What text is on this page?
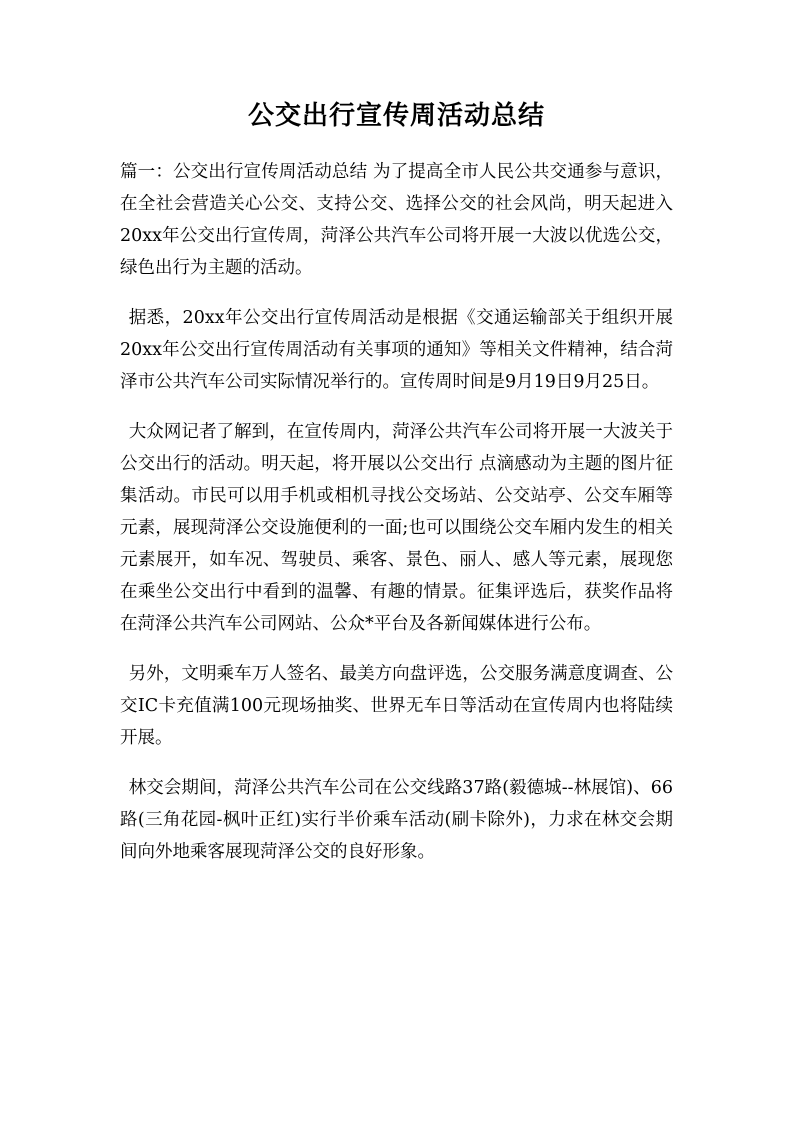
公交出行宣传周活动总结

篇一：公交出行宣传周活动总结 为了提高全市人民公共交通参与意识，在全社会营造关心公交、支持公交、选择公交的社会风尚，明天起进入20xx年公交出行宣传周，菏泽公共汽车公司将开展一大波以优选公交，绿色出行为主题的活动。

据悉，20xx年公交出行宣传周活动是根据《交通运输部关于组织开展20xx年公交出行宣传周活动有关事项的通知》等相关文件精神，结合菏泽市公共汽车公司实际情况举行的。宣传周时间是9月19日9月25日。

大众网记者了解到，在宣传周内，菏泽公共汽车公司将开展一大波关于公交出行的活动。明天起，将开展以公交出行 点滴感动为主题的图片征集活动。市民可以用手机或相机寻找公交场站、公交站亭、公交车厢等元素，展现菏泽公交设施便利的一面;也可以围绕公交车厢内发生的相关元素展开，如车况、驾驶员、乘客、景色、丽人、感人等元素，展现您在乘坐公交出行中看到的温馨、有趣的情景。征集评选后，获奖作品将在菏泽公共汽车公司网站、公众*平台及各新闻媒体进行公布。

另外，文明乘车万人签名、最美方向盘评选，公交服务满意度调查、公交IC卡充值满100元现场抽奖、世界无车日等活动在宣传周内也将陆续开展。

林交会期间，菏泽公共汽车公司在公交线路37路(毅德城--林展馆)、66路(三角花园-枫叶正红)实行半价乘车活动(刷卡除外)，力求在林交会期间向外地乘客展现菏泽公交的良好形象。
